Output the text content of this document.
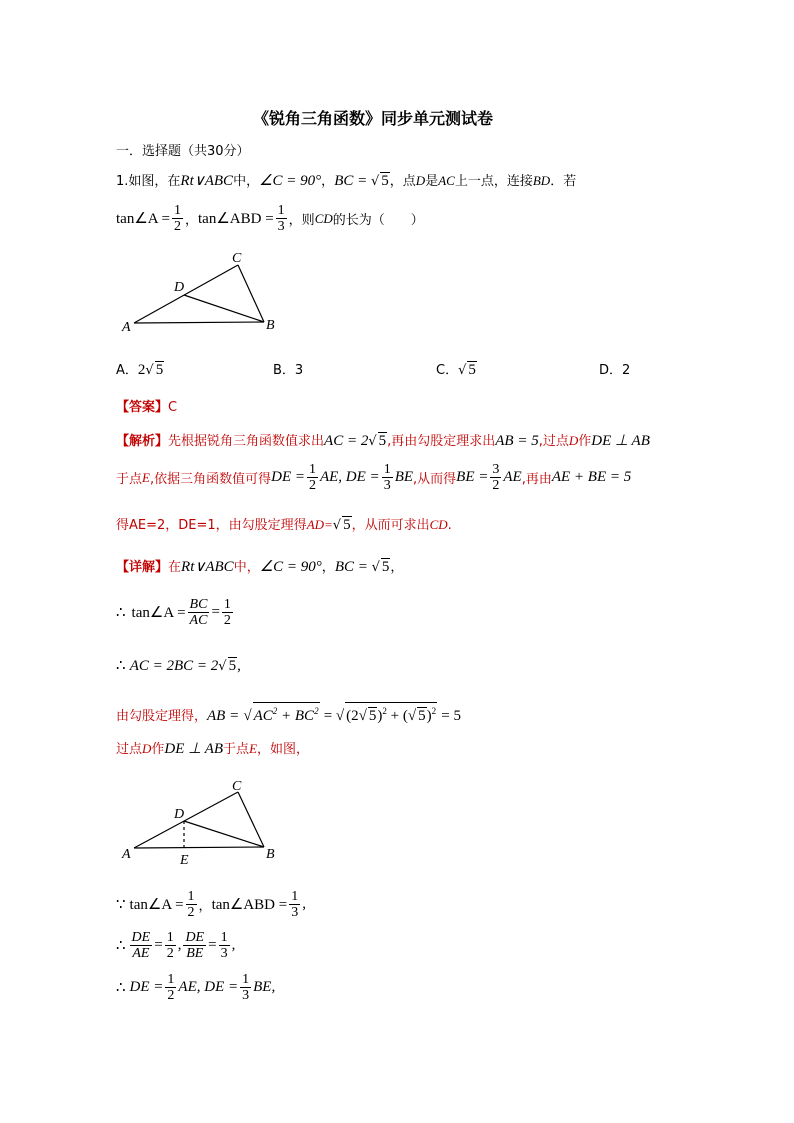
《锐角三角函数》同步单元测试卷
一．选择题（共30分）
1.如图，在Rt∨ABC中，∠C = 90°，BC = √ 5，点D是AC上一点，连接BD．若
tan∠A = $\frac{1}{2}$ ， tan∠ABD = $\frac{1}{3}$ ，则 CD 的长为（　　）
A	B
C
D
A．2√ 5	B．3	C．√ 5	D．2
【答案】C
【解析】先根据锐角三角函数值求出AC = 2√ 5,再由勾股定理求出AB = 5,过点D作DE ⊥ AB
于点 E ,依据三角函数值可得 DE = $\frac{1}{2}$ AE, DE = $\frac{1}{3}$ BE ,从而得 BE = $\frac{3}{2}$ AE ,再由 AE + BE = 5
得AE=2，DE=1，由勾股定理得AD=√ 5，从而可求出CD.
【详解】在Rt∨ABC中，∠C = 90°，BC = √ 5，
∴ tan∠A = $\frac{BC}{AC} = \frac{1}{2}$
∴ AC = 2BC = 2√ 5,
由勾股定理得，AB = √ $AC^2 + BC^2$ = √ (2√ 5)$^2$ + (√ 5)$^2$ = 5
过点D作DE ⊥ AB于点E，如图，
A	B
C
D
E
∵ tan∠A = $\frac{1}{2}$ ， tan∠ABD = $\frac{1}{3}$ ,
∴ $\frac{DE}{AE} = \frac{1}{2}$ , $\frac{DE}{BE} = \frac{1}{3}$ ,
∴ DE = $\frac{1}{2}$ AE, DE = $\frac{1}{3}$ BE,
